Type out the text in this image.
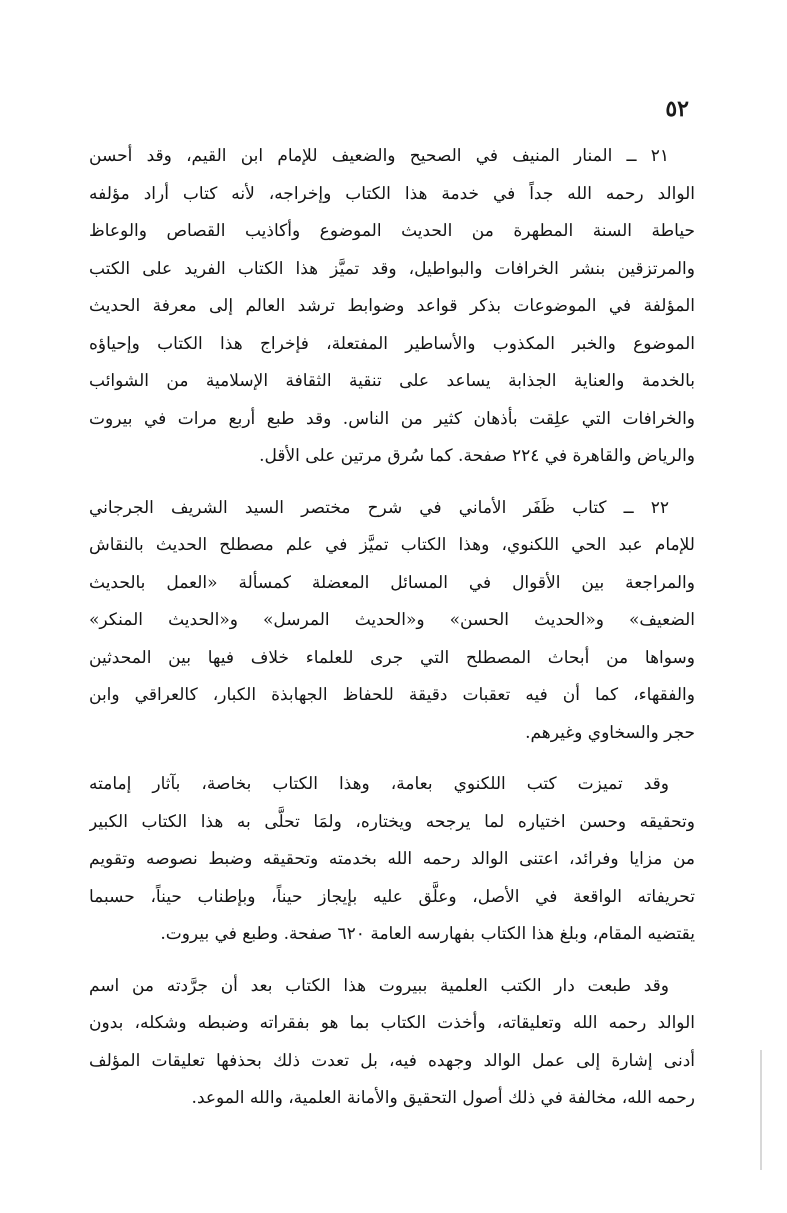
٥٢
٢١ ــ المنار المنيف في الصحيح والضعيف للإمام ابن القيم، وقد أحسن
الوالد رحمه الله جداً في خدمة هذا الكتاب وإخراجه، لأنه كتاب أراد مؤلفه
حياطة السنة المطهرة من الحديث الموضوع وأكاذيب القصاص والوعاظ
والمرتزقين بنشر الخرافات والبواطيل، وقد تميَّز هذا الكتاب الفريد على الكتب
المؤلفة في الموضوعات بذكر قواعد وضوابط ترشد العالم إلى معرفة الحديث
الموضوع والخبر المكذوب والأساطير المفتعلة، فإخراج هذا الكتاب وإحياؤه
بالخدمة والعناية الجذابة يساعد على تنقية الثقافة الإسلامية من الشوائب
والخرافات التي علِقت بأذهان كثير من الناس. وقد طبع أربع مرات في بيروت
والرياض والقاهرة في ٢٢٤ صفحة. كما سُرق مرتين على الأقل.
٢٢ ــ كتاب ظَفَر الأماني في شرح مختصر السيد الشريف الجرجاني
للإمام عبد الحي اللكنوي، وهذا الكتاب تميَّز في علم مصطلح الحديث بالنقاش
والمراجعة بين الأقوال في المسائل المعضلة كمسألة «العمل بالحديث
الضعيف» و«الحديث الحسن» و«الحديث المرسل» و«الحديث المنكر»
وسواها من أبحاث المصطلح التي جرى للعلماء خلاف فيها بين المحدثين
والفقهاء، كما أن فيه تعقبات دقيقة للحفاظ الجهابذة الكبار، كالعراقي وابن
حجر والسخاوي وغيرهم.
وقد تميزت كتب اللكنوي بعامة، وهذا الكتاب بخاصة، بآثار إمامته
وتحقيقه وحسن اختياره لما يرجحه ويختاره، ولمَا تحلَّى به هذا الكتاب الكبير
من مزايا وفرائد، اعتنى الوالد رحمه الله بخدمته وتحقيقه وضبط نصوصه وتقويم
تحريفاته الواقعة في الأصل، وعلَّق عليه بإيجاز حيناً، وبإطناب حيناً، حسبما
يقتضيه المقام، وبلغ هذا الكتاب بفهارسه العامة ٦٢٠ صفحة. وطبع في بيروت.
وقد طبعت دار الكتب العلمية ببيروت هذا الكتاب بعد أن جرَّدته من اسم
الوالد رحمه الله وتعليقاته، وأخذت الكتاب بما هو بفقراته وضبطه وشكله، بدون
أدنى إشارة إلى عمل الوالد وجهده فيه، بل تعدت ذلك بحذفها تعليقات المؤلف
رحمه الله، مخالفة في ذلك أصول التحقيق والأمانة العلمية، والله الموعد.
